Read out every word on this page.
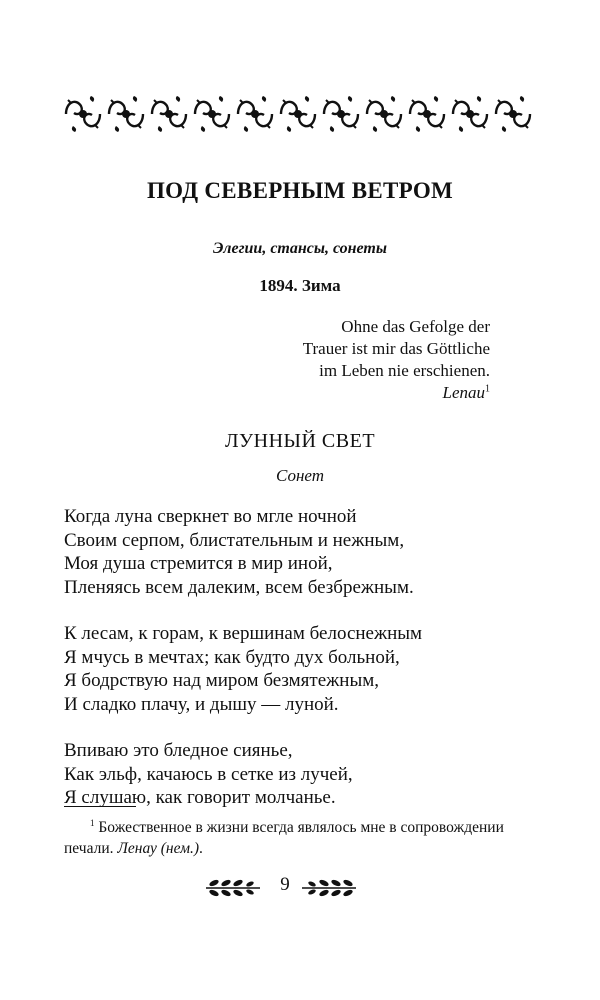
ПОД СЕВЕРНЫМ ВЕТРОМ
Элегии, стансы, сонеты
1894. Зима
Ohne das Gefolge der
Trauer ist mir das Göttliche
im Leben nie erschienen.
Lenau$^1$
ЛУННЫЙ СВЕТ
Сонет
Когда луна сверкнет во мгле ночной
Своим серпом, блистательным и нежным,
Моя душа стремится в мир иной,
Пленяясь всем далеким, всем безбрежным.
К лесам, к горам, к вершинам белоснежным
Я мчусь в мечтах; как будто дух больной,
Я бодрствую над миром безмятежным,
И сладко плачу, и дышу — луной.
Впиваю это бледное сиянье,
Как эльф, качаюсь в сетке из лучей,
Я слушаю, как говорит молчанье.
$^1$ Божественное в жизни всегда являлось мне в сопровождении печали. Ленау (нем.).
9
